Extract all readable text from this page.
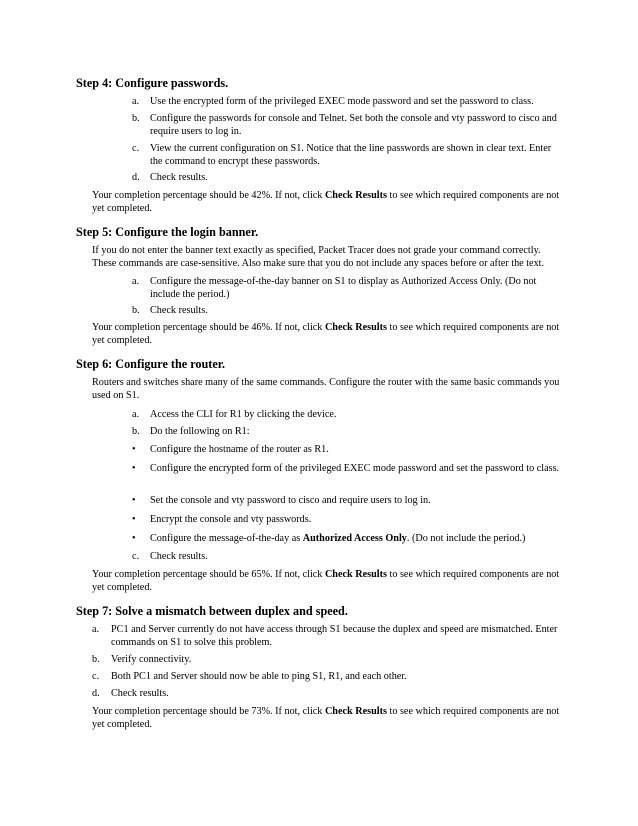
Step 4: Configure passwords.
a. Use the encrypted form of the privileged EXEC mode password and set the password to class.
b. Configure the passwords for console and Telnet. Set both the console and vty password to cisco and require users to log in.
c. View the current configuration on S1. Notice that the line passwords are shown in clear text. Enter the command to encrypt these passwords.
d. Check results.
Your completion percentage should be 42%. If not, click Check Results to see which required components are not yet completed.
Step 5: Configure the login banner.
If you do not enter the banner text exactly as specified, Packet Tracer does not grade your command correctly. These commands are case-sensitive. Also make sure that you do not include any spaces before or after the text.
a. Configure the message-of-the-day banner on S1 to display as Authorized Access Only. (Do not include the period.)
b. Check results.
Your completion percentage should be 46%. If not, click Check Results to see which required components are not yet completed.
Step 6: Configure the router.
Routers and switches share many of the same commands. Configure the router with the same basic commands you used on S1.
a. Access the CLI for R1 by clicking the device.
b. Do the following on R1:
• Configure the hostname of the router as R1.
• Configure the encrypted form of the privileged EXEC mode password and set the password to class.
• Set the console and vty password to cisco and require users to log in.
• Encrypt the console and vty passwords.
• Configure the message-of-the-day as Authorized Access Only. (Do not include the period.)
c. Check results.
Your completion percentage should be 65%. If not, click Check Results to see which required components are not yet completed.
Step 7: Solve a mismatch between duplex and speed.
a. PC1 and Server currently do not have access through S1 because the duplex and speed are mismatched. Enter commands on S1 to solve this problem.
b. Verify connectivity.
c. Both PC1 and Server should now be able to ping S1, R1, and each other.
d. Check results.
Your completion percentage should be 73%. If not, click Check Results to see which required components are not yet completed.
